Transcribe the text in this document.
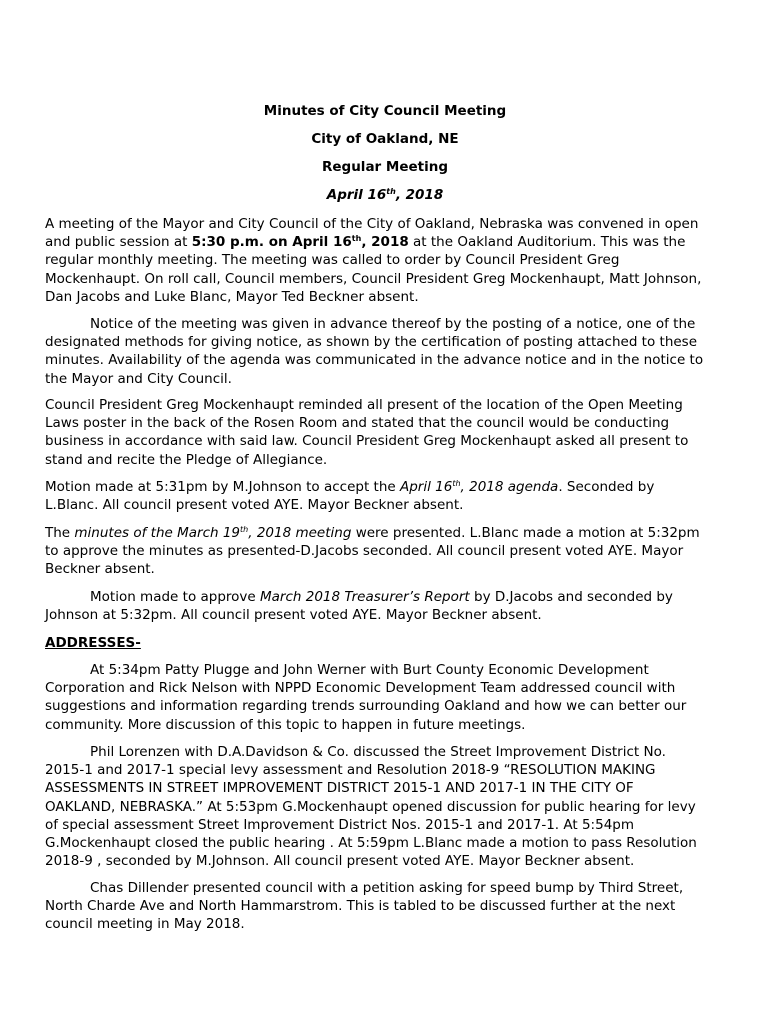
Minutes of City Council Meeting
City of Oakland, NE
Regular Meeting
April 16th, 2018
A meeting of the Mayor and City Council of the City of Oakland, Nebraska was convened in open and public session at 5:30 p.m. on April 16th, 2018 at the Oakland Auditorium. This was the regular monthly meeting. The meeting was called to order by Council President Greg Mockenhaupt. On roll call, Council members, Council President Greg Mockenhaupt, Matt Johnson, Dan Jacobs and Luke Blanc, Mayor Ted Beckner absent.
Notice of the meeting was given in advance thereof by the posting of a notice, one of the designated methods for giving notice, as shown by the certification of posting attached to these minutes. Availability of the agenda was communicated in the advance notice and in the notice to the Mayor and City Council.
Council President Greg Mockenhaupt reminded all present of the location of the Open Meeting Laws poster in the back of the Rosen Room and stated that the council would be conducting business in accordance with said law. Council President Greg Mockenhaupt asked all present to stand and recite the Pledge of Allegiance.
Motion made at 5:31pm by M.Johnson to accept the April 16th, 2018 agenda. Seconded by L.Blanc. All council present voted AYE. Mayor Beckner absent.
The minutes of the March 19th, 2018 meeting were presented. L.Blanc made a motion at 5:32pm to approve the minutes as presented-D.Jacobs seconded. All council present voted AYE. Mayor Beckner absent.
Motion made to approve March 2018 Treasurer’s Report by D.Jacobs and seconded by Johnson at 5:32pm. All council present voted AYE. Mayor Beckner absent.
ADDRESSES-
At 5:34pm Patty Plugge and John Werner with Burt County Economic Development Corporation and Rick Nelson with NPPD Economic Development Team addressed council with suggestions and information regarding trends surrounding Oakland and how we can better our community. More discussion of this topic to happen in future meetings.
Phil Lorenzen with D.A.Davidson & Co. discussed the Street Improvement District No. 2015-1 and 2017-1 special levy assessment and Resolution 2018-9 “RESOLUTION MAKING ASSESSMENTS IN STREET IMPROVEMENT DISTRICT 2015-1 AND 2017-1 IN THE CITY OF OAKLAND, NEBRASKA.” At 5:53pm G.Mockenhaupt opened discussion for public hearing for levy of special assessment Street Improvement District Nos. 2015-1 and 2017-1. At 5:54pm G.Mockenhaupt closed the public hearing . At 5:59pm L.Blanc made a motion to pass Resolution 2018-9 , seconded by M.Johnson. All council present voted AYE. Mayor Beckner absent.
Chas Dillender presented council with a petition asking for speed bump by Third Street, North Charde Ave and North Hammarstrom. This is tabled to be discussed further at the next council meeting in May 2018.
